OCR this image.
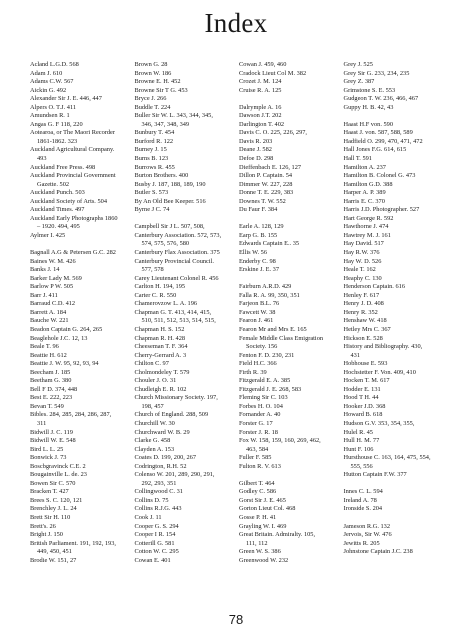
Index
Acland L.G.D. 568
Adam J. 610
Adams C.W. 567
Aickin G. 492
Alexander Sir J. E. 446, 447
Alpers O. T.J. 411
Amundsen R. 1
Angas G. F 118, 220
Aotearoa, or The Maori Recorder
1861-1862. 323
Auckland Agricultural Company.
493
Auckland Free Press. 498
Auckland Provincial Government
Gazette. 502
Auckland Punch. 503
Auckland Society of Arts. 504
Auckland Times. 497
Auckland Early Photographs 1860
– 1920. 494, 495
Aylmer I. 425
Bagnall A.G & Petersen G.C. 282
Baines W. M. 426
Banks J. 14
Barker Lady M. 569
Barlow P W. 505
Barr J. 411
Barraud C.D. 412
Barrett A. 184
Bauche W. 221
Beadon Captain G. 264, 265
Beaglehole J.C. 12, 13
Beale T. 96
Beattie H. 612
Beattie J. W. 95, 92, 93, 94
Beecham J. 185
Beetham G. 380
Bell F D. 374, 448
Best E. 222, 223
Bevan T. 549
Bibles. 284, 285, 284, 286, 287,
311
Bidwill J. C. 119
Bidwill W. E. 548
Bird L. L. 25
Bonwick J. 73
Boscbgravinck C.E. 2
Bougainville L. de. 23
Bowen Sir C. 570
Bracken T. 427
Brees S. C. 120, 121
Brenchley J. L. 24
Brett Sir H. 110
Brett's. 26
Bright J. 150
British Parliament. 191, 192, 193,
449, 450, 451
Brodie W. 151, 27
Brown G. 28
Brown W. 186
Browne E. H. 452
Browne Sir T G. 453
Bryce J. 266
Buddle T. 224
Buller Sir W. L. 343, 344, 345,
346, 347, 348, 349
Bunbury T. 454
Burford R. 122
Burney J. 15
Burns B. 123
Burrows R. 455
Burton Brothers. 400
Busby J. 187, 188, 189, 190
Butler S. 573
By An Old Bee Keeper. 516
Byrne J C. 74
Campbell Sir J L. 507, 508,
Canterbury Association. 572, 573,
574, 575, 576, 580
Canterbury Flax Association. 375
Canterbury Provincial Council.
577, 578
Carey Lieutenant Colonel R. 456
Carlton H. 194, 195
Carter C. R. 550
Chamerovzow L. A. 196
Chapman G. T. 413, 414, 415,
510, 511, 512, 513, 514, 515,
Chapman H. S. 152
Chapman R. H. 428
Cheeseman T. F. 364
Cherry-Gerrard A. 3
Chilton C. 97
Cholmondeley T. 579
Chouler J. O. 31
Chudleigh E. R. 102
Church Missionary Society. 197,
198, 457
Church of England. 288, 509
Churchill W. 30
Churchward W. B. 29
Clarke G. 458
Clayden A. 153
Coates D. 199, 200, 267
Codrington, R.H. 52
Colenso W. 201, 289, 290, 291,
292, 293, 351
Collingwood C. 31
Collins D. 75
Collins R.J.G. 443
Cook J. 11
Cooper G. S. 294
Cooper I R. 154
Cotterill G. 581
Cotton W. C. 295
Cowan E. 401
Cowan J. 459, 460
Cradock Lieut Col M. 382
Crozet J. M. 124
Cruise R. A. 125
Dalrymple A. 16
Dawson J.T. 202
Darlington T. 402
Davis C. O. 225, 226, 297,
Davis R. 203
Deane J. 582
Defoe D. 298
Dieffenbach E. 126, 127
Dillon P. Captain. 54
Dimmer W. 227, 228
Donne T. E. 229, 383
Downes T. W. 552
Du Faur F. 384
Earle A. 128, 129
Earp G. B. 155
Edwards Captain E.. 35
Ellis W. 56
Enderby C. 98
Erskine J. E. 37
Fairburn A.R.D. 429
Falla R. A. 99, 350, 351
Farjeon B.L. 76
Fawcett W. 38
Fearon J. 461
Fearon Mr and Mrs E. 165
Female Middle Class Emigration
Society. 156
Fenton F. D. 230, 231
Field H.C. 366
Firth R. 39
Fitzgerald E. A. 385
Fitzgerald J. E. 268, 583
Fleming Sir C. 103
Forbes H. O. 104
Fornander A. 40
Forster G. 17
Forster J. R. 18
Fox W. 158, 159, 160, 269, 462,
463, 584
Fuller F. 585
Fulton R. V. 613
Gilbert T. 464
Godley C. 586
Gorst Sir J. E. 465
Gorton Lieut Col. 468
Gosse P. H. 41
Grayling W. I. 469
Great Britain. Admiralty. 105,
111, 112
Green W. S. 386
Greenwood W. 232
Grey J. 525
Grey Sir G. 233, 234, 235
Grey Z. 387
Grimstone S. E. 553
Gudgeon T. W. 236, 466, 467
Guppy H. B. 42, 43
Haast H.F von. 590
Haast J. von. 587, 588, 589
Hadfield O. 299, 470, 471, 472
Hall Jones F.G. 614, 615
Hall T. 591
Hamilton A. 237
Hamilton B. Colonel G. 473
Hamilton G.D. 388
Harper A. P. 389
Harris E. C. 370
Harris J.D. Photographer. 527
Hart George R. 592
Hawthorne J. 474
Hawtrey M. J. 161
Hay David. 517
Hay R.W. 376
Hay W. D. 526
Heale T. 162
Heaphy C. 130
Henderson Captain. 616
Henley F. 617
Henry J. D. 408
Henry R. 352
Henshaw W. 418
Hetley Mrs C. 367
Hickson E. 528
History and Bibliography. 430,
431
Hobhouse E. 593
Hochstetter F. Von. 409, 410
Hocken T. M. 617
Hodder E. 131
Hood T H. 44
Hooker J.D. 368
Howard B. 618
Hudson G.V. 353, 354, 355,
Hulel R. 45
Hull H. M. 77
Hunt F. 106
Hursthouse C. 163, 164, 475, 554,
555, 556
Hutton Captain F.W. 377
Innes C. L. 594
Ireland A. 78
Ironside S. 204
Jameson R.G. 132
Jervois, Sir W. 476
Jewitts R. 205
Johnstone Captain J.C. 238
78
